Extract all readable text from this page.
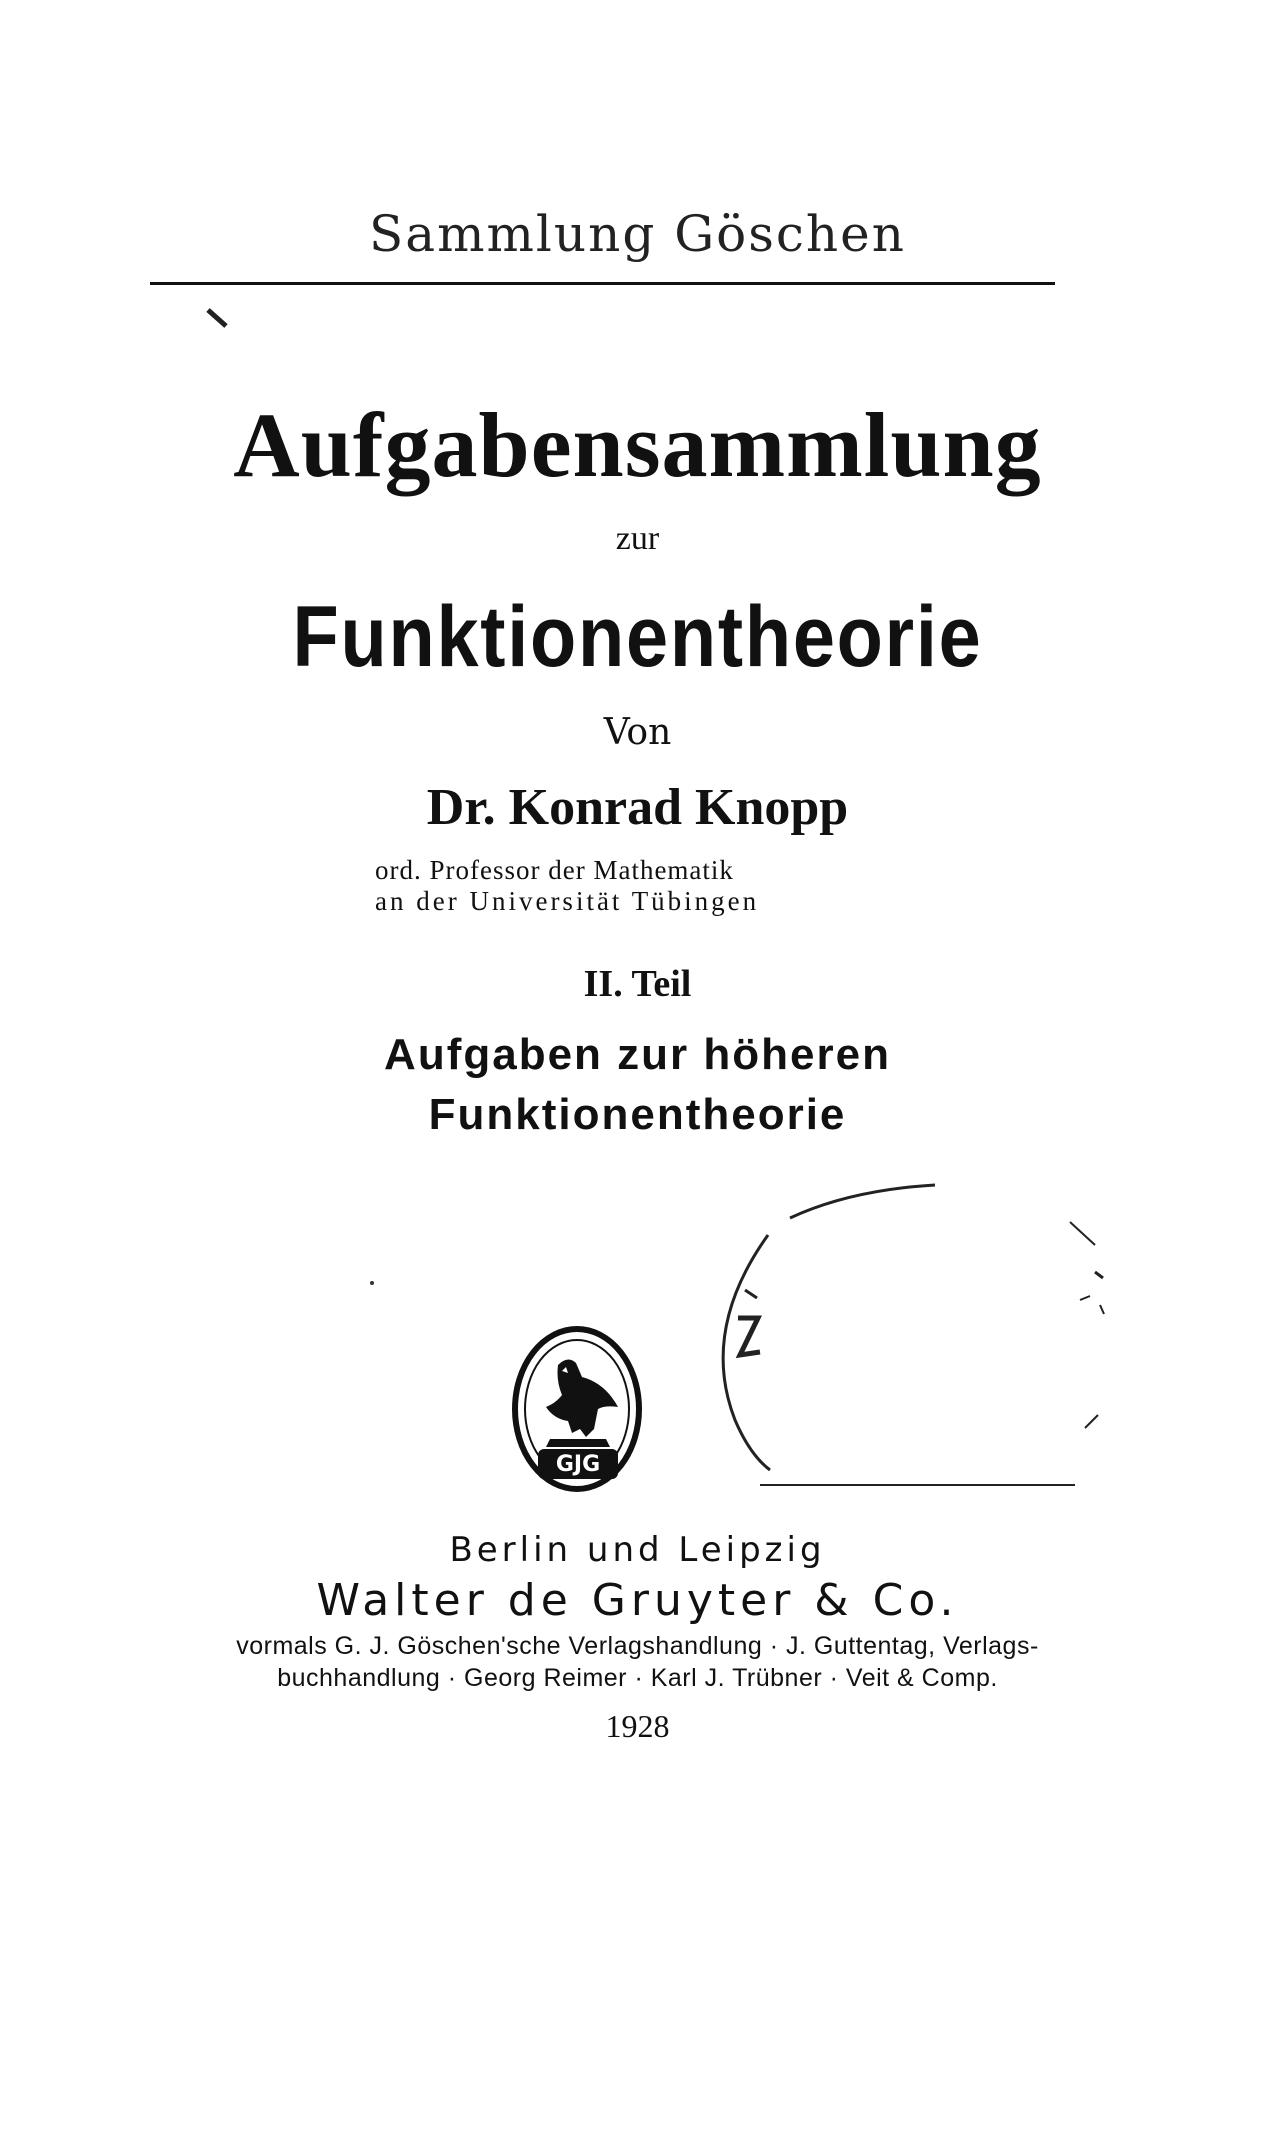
Sammlung Göschen
Aufgabensammlung
zur
Funktionentheorie
Von
Dr. Konrad Knopp
ord. Professor der Mathematik
an der Universität Tübingen
II. Teil
Aufgaben zur höheren
Funktionentheorie
GJG
Berlin und Leipzig
Walter de Gruyter & Co.
vormals G. J. Göschen'sche Verlagshandlung · J. Guttentag, Verlags-
buchhandlung · Georg Reimer · Karl J. Trübner · Veit & Comp.
1928
